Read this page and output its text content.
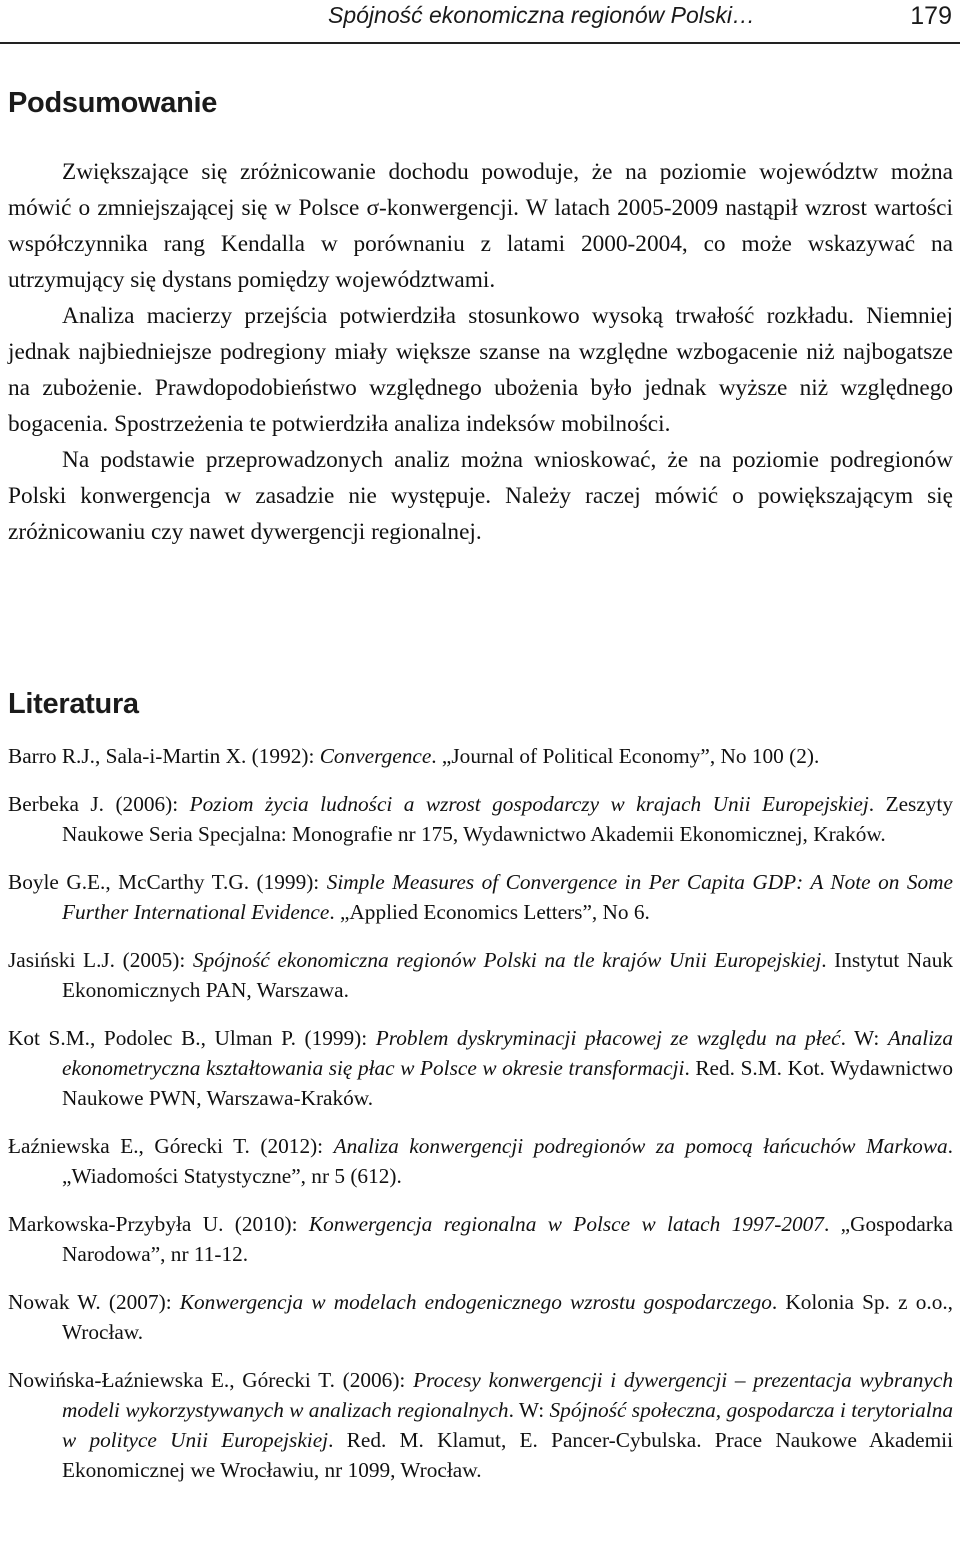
Spójność ekonomiczna regionów Polski…	179
Podsumowanie

Zwiększające się zróżnicowanie dochodu powoduje, że na poziomie województw można mówić o zmniejszającej się w Polsce σ-konwergencji. W latach 2005-2009 nastąpił wzrost wartości współczynnika rang Kendalla w porównaniu z latami 2000-2004, co może wskazywać na utrzymujący się dystans pomiędzy województwami.

Analiza macierzy przejścia potwierdziła stosunkowo wysoką trwałość rozkładu. Niemniej jednak najbiedniejsze podregiony miały większe szanse na względne wzbogacenie niż najbogatsze na zubożenie. Prawdopodobieństwo względnego ubożenia było jednak wyższe niż względnego bogacenia. Spostrzeżenia te potwierdziła analiza indeksów mobilności.

Na podstawie przeprowadzonych analiz można wnioskować, że na poziomie podregionów Polski konwergencja w zasadzie nie występuje. Należy raczej mówić o powiększającym się zróżnicowaniu czy nawet dywergencji regionalnej.

Literatura
Barro R.J., Sala-i-Martin X. (1992): Convergence. „Journal of Political Economy”, No 100 (2).
Berbeka J. (2006): Poziom życia ludności a wzrost gospodarczy w krajach Unii Europejskiej. Zeszyty Naukowe Seria Specjalna: Monografie nr 175, Wydawnictwo Akademii Ekonomicznej, Kraków.
Boyle G.E., McCarthy T.G. (1999): Simple Measures of Convergence in Per Capita GDP: A Note on Some Further International Evidence. „Applied Economics Letters”, No 6.
Jasiński L.J. (2005): Spójność ekonomiczna regionów Polski na tle krajów Unii Europejskiej. Instytut Nauk Ekonomicznych PAN, Warszawa.
Kot S.M., Podolec B., Ulman P. (1999): Problem dyskryminacji płacowej ze względu na płeć. W: Analiza ekonometryczna kształtowania się płac w Polsce w okresie transformacji. Red. S.M. Kot. Wydawnictwo Naukowe PWN, Warszawa-Kraków.
Łaźniewska E., Górecki T. (2012): Analiza konwergencji podregionów za pomocą łańcuchów Markowa. „Wiadomości Statystyczne”, nr 5 (612).
Markowska-Przybyła U. (2010): Konwergencja regionalna w Polsce w latach 1997-2007. „Gospodarka Narodowa”, nr 11-12.
Nowak W. (2007): Konwergencja w modelach endogenicznego wzrostu gospodarczego. Kolonia Sp. z o.o., Wrocław.
Nowińska-Łaźniewska E., Górecki T. (2006): Procesy konwergencji i dywergencji – prezentacja wybranych modeli wykorzystywanych w analizach regionalnych. W: Spójność społeczna, gospodarcza i terytorialna w polityce Unii Europejskiej. Red. M. Klamut, E. Pancer-Cybulska. Prace Naukowe Akademii Ekonomicznej we Wrocławiu, nr 1099, Wrocław.
